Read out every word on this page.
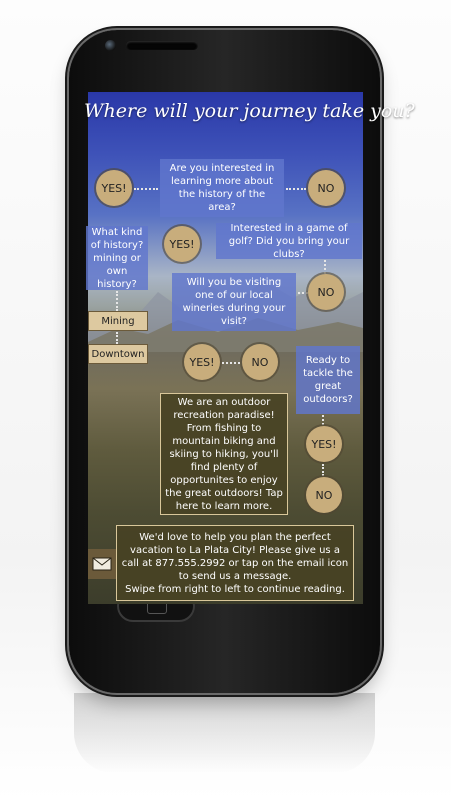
Where will your journey take you?
YES!
Are you interested in learning more about the history of the area?
NO
What kind of history? mining or own history?
YES!
Interested in a game of golf? Did you bring your clubs?
Will you be visiting one of our local wineries during your visit?
NO
Mining
Downtown
YES!	NO	Ready to tackle the great outdoors?
We are an outdoor recreation paradise! From fishing to mountain biking and skiing to hiking, you'll find plenty of opportunites to enjoy the great outdoors! Tap here to learn more.
YES!
NO
We'd love to help you plan the perfect vacation to La Plata City! Please give us a call at 877.555.2992 or tap on the email icon to send us a message.
Swipe from right to left to continue reading.
